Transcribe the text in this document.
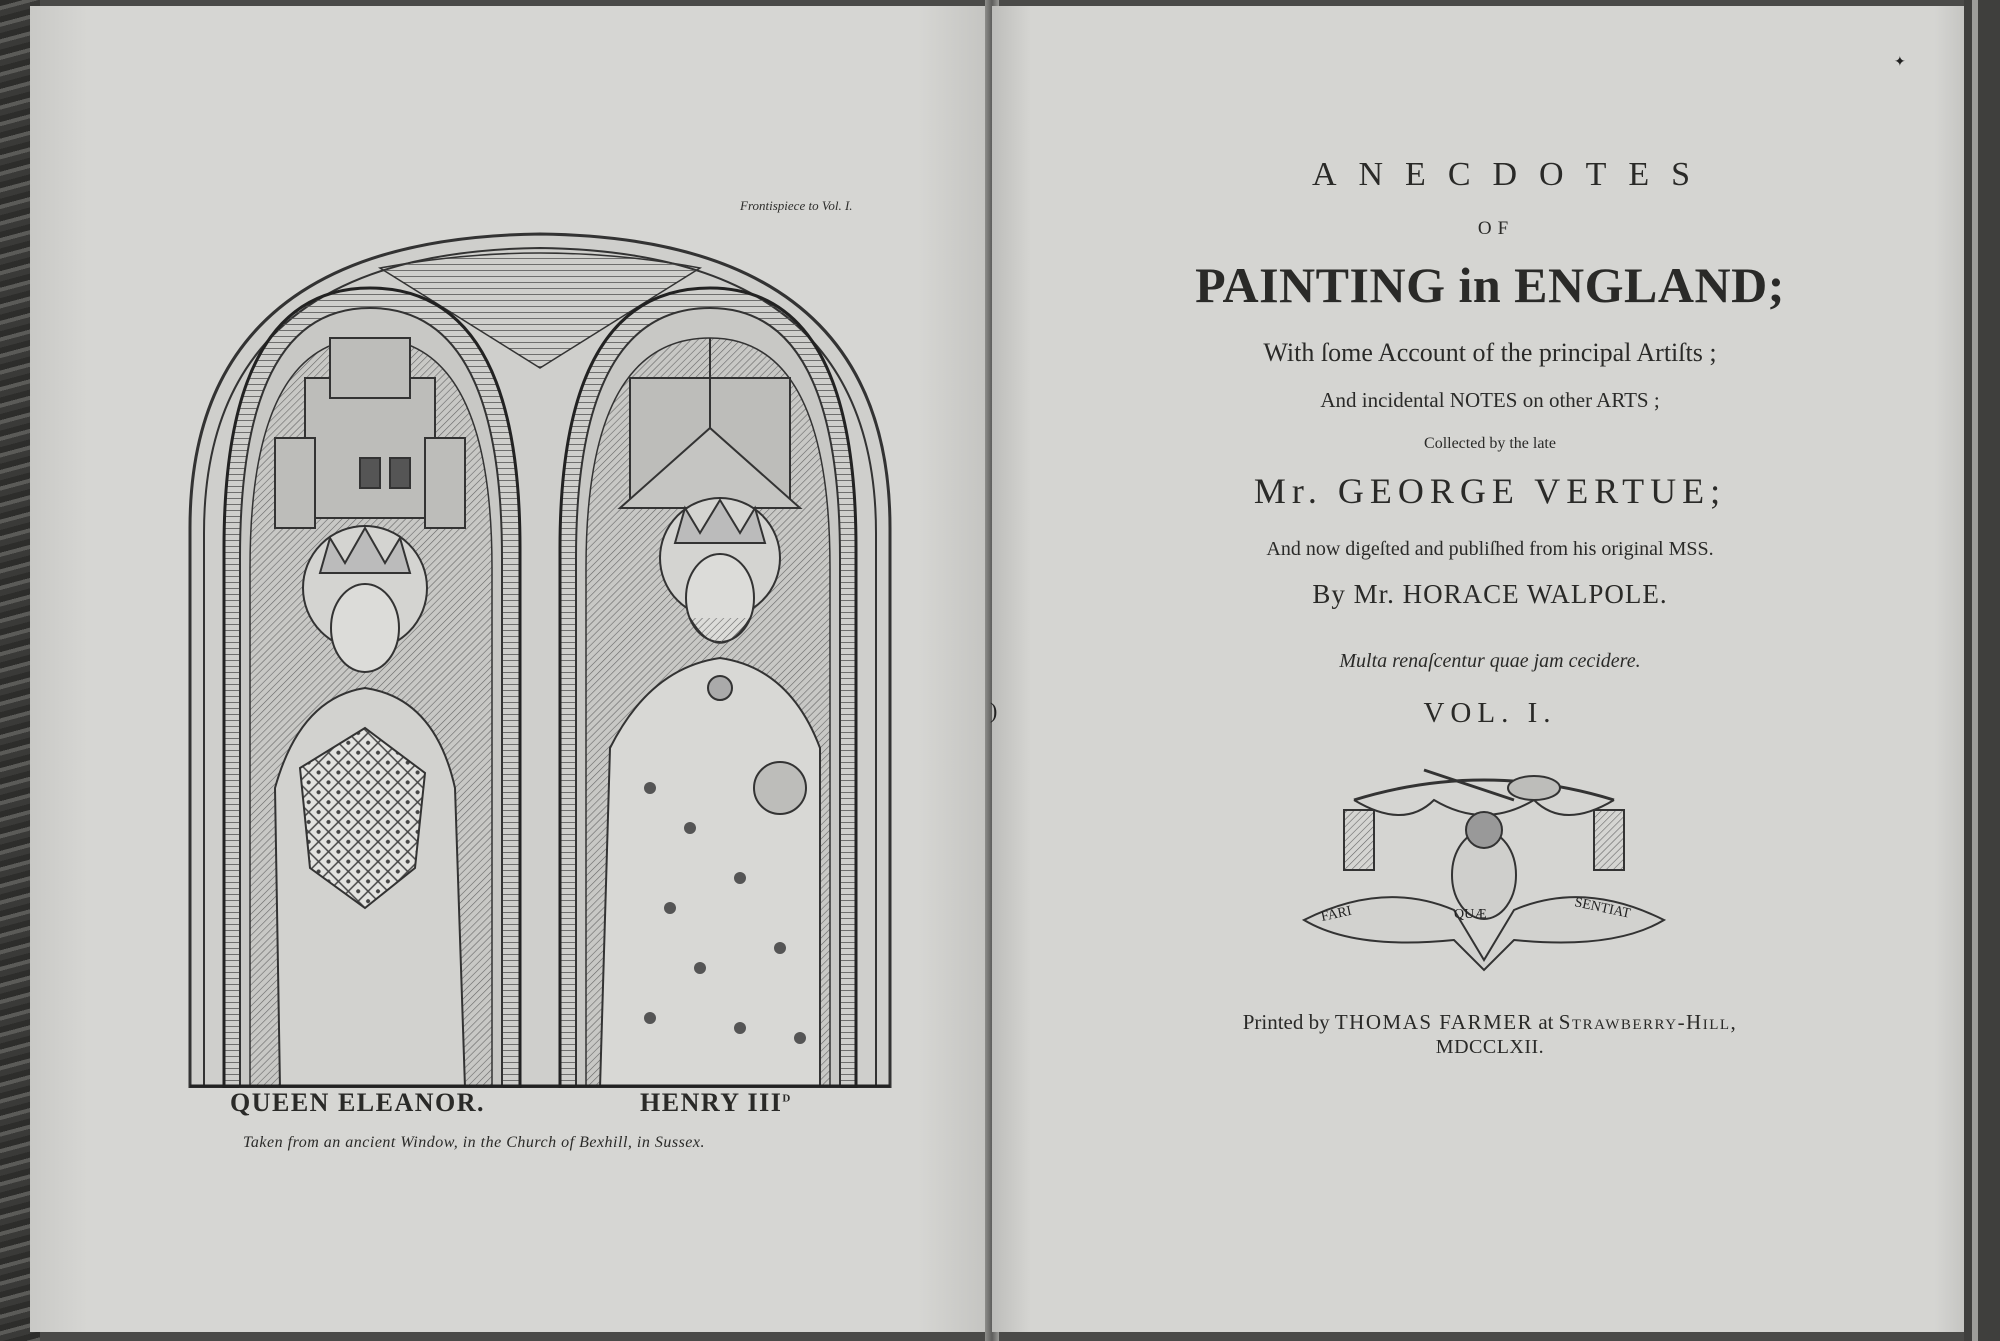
Frontispiece to Vol. I.
QUEEN ELEANOR.	HENRY III$^d$
Taken from an ancient Window, in the Church of Bexhill, in Sussex.
ANECDOTES
OF
PAINTING in ENGLAND;
With ſome Account of the principal Artiſts ;
And incidental NOTES on other ARTS ;
Collected by the late
Mr. GEORGE VERTUE;
And now digeſted and publiſhed from his original MSS.
By Mr. HORACE WALPOLE.
Multa renaſcentur quae jam cecidere.
VOL. I.
FARI	QUÆ	SENTIAT
Printed by THOMAS FARMER at Strawberry-Hill,
MDCCLXII.
)
✦
